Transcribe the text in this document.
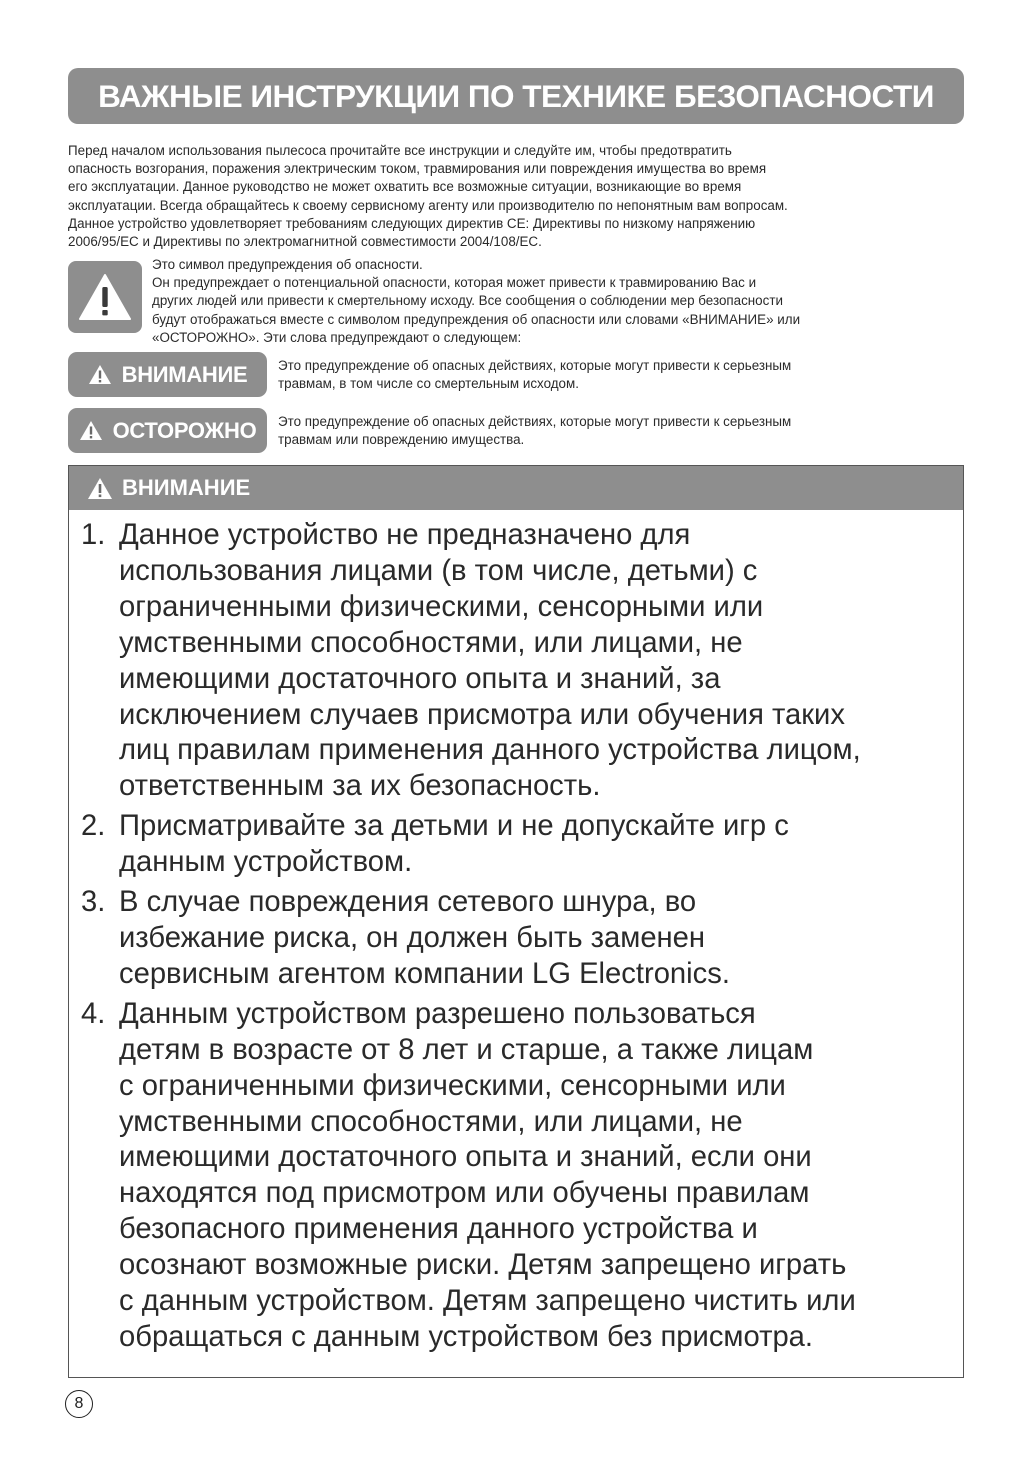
ВАЖНЫЕ ИНСТРУКЦИИ ПО ТЕХНИКЕ БЕЗОПАСНОСТИ
Перед началом использования пылесоса прочитайте все инструкции и следуйте им, чтобы предотвратить
опасность возгорания, поражения электрическим током, травмирования или повреждения имущества во время
его эксплуатации. Данное руководство не может охватить все возможные ситуации, возникающие во время
эксплуатации. Всегда обращайтесь к своему сервисному агенту или производителю по непонятным вам вопросам.
Данное устройство удовлетворяет требованиям следующих директив CE: Директивы по низкому напряжению
2006/95/EC и Директивы по электромагнитной совместимости 2004/108/EC.
Это символ предупреждения об опасности.
Он предупреждает о потенциальной опасности, которая может привести к травмированию Вас и
других людей или привести к смертельному исходу. Все сообщения о соблюдении мер безопасности
будут отображаться вместе с символом предупреждения об опасности или словами «ВНИМАНИЕ» или
«ОСТОРОЖНО». Эти слова предупреждают о следующем:
ВНИМАНИЕ Это предупреждение об опасных действиях, которые могут привести к серьезным
травмам, в том числе со смертельным исходом.
ОСТОРОЖНО Это предупреждение об опасных действиях, которые могут привести к серьезным
травмам или повреждению имущества.
ВНИМАНИЕ
1. Данное устройство не предназначено для
использования лицами (в том числе, детьми) с
ограниченными физическими, сенсорными или
умственными способностями, или лицами, не
имеющими достаточного опыта и знаний, за
исключением случаев присмотра или обучения таких
лиц правилам применения данного устройства лицом,
ответственным за их безопасность.
2. Присматривайте за детьми и не допускайте игр с
данным устройством.
3. В случае повреждения сетевого шнура, во
избежание риска, он должен быть заменен
сервисным агентом компании LG Electronics.
4. Данным устройством разрешено пользоваться
детям в возрасте от 8 лет и старше, а также лицам
с ограниченными физическими, сенсорными или
умственными способностями, или лицами, не
имеющими достаточного опыта и знаний, если они
находятся под присмотром или обучены правилам
безопасного применения данного устройства и
осознают возможные риски. Детям запрещено играть
с данным устройством. Детям запрещено чистить или
обращаться с данным устройством без присмотра.
8
